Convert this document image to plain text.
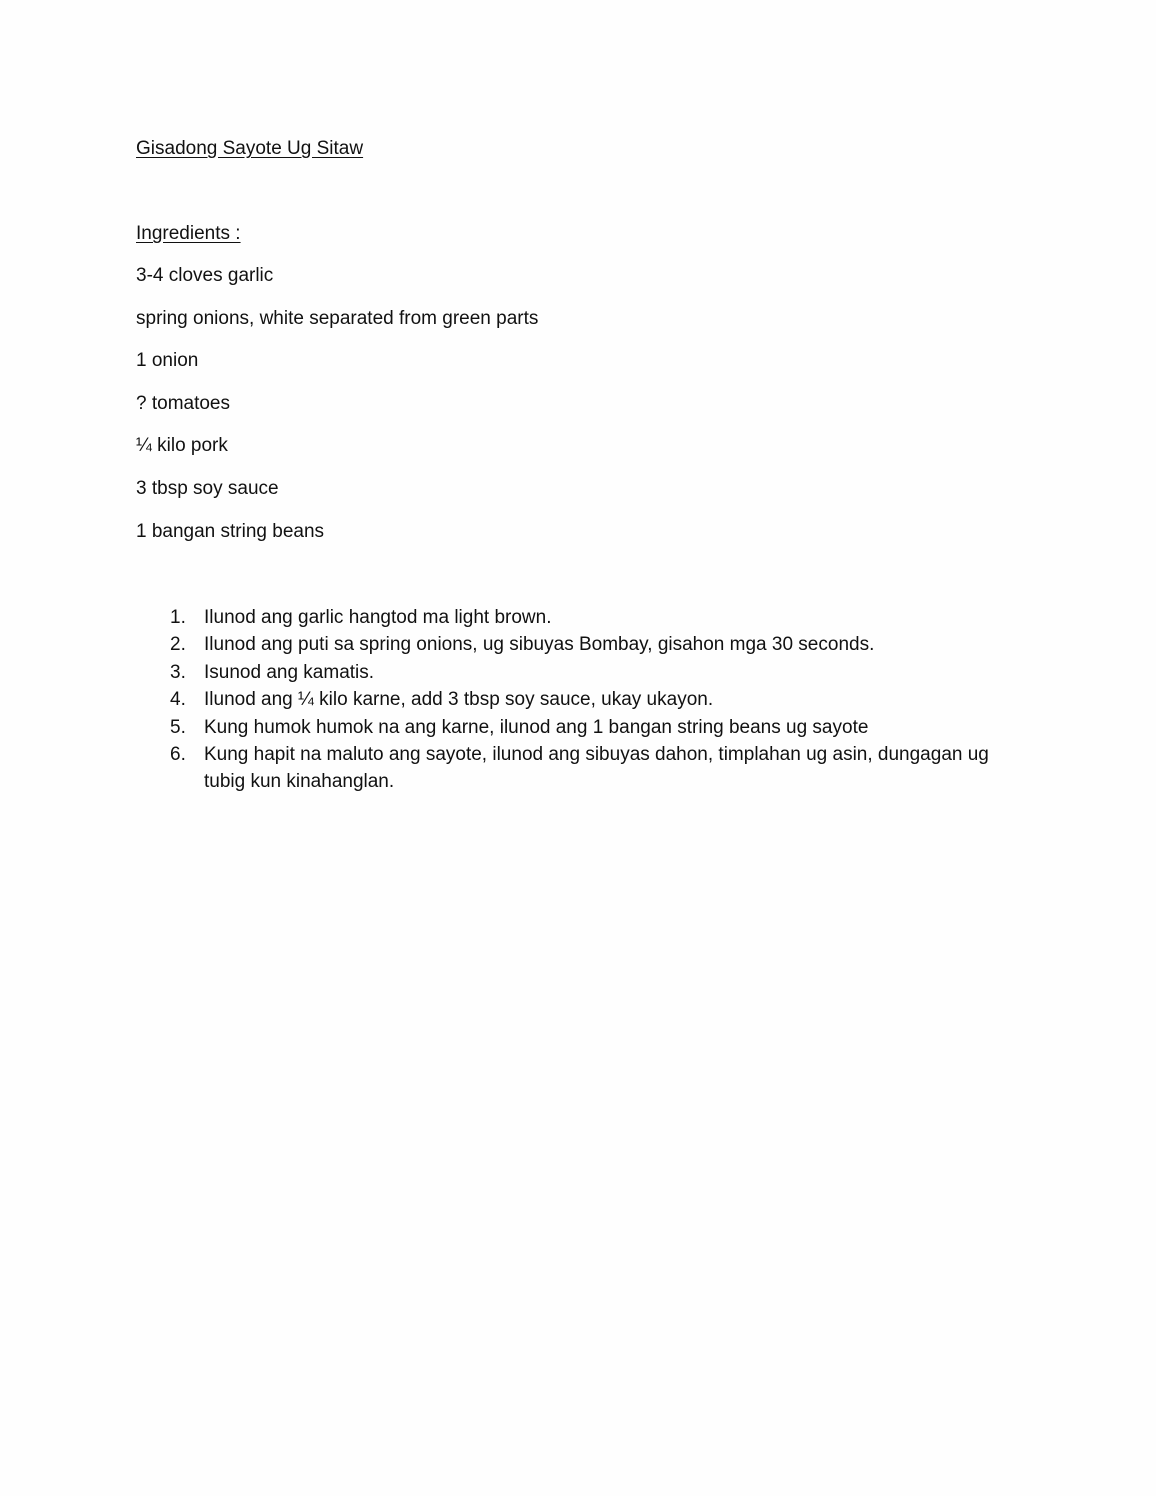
Gisadong Sayote Ug Sitaw
Ingredients :
3-4 cloves garlic
spring onions, white separated from green parts
1 onion
? tomatoes
¼ kilo pork
3 tbsp soy sauce
1 bangan string beans
1. Ilunod ang garlic hangtod ma light brown.
2. Ilunod ang puti sa spring onions, ug sibuyas Bombay, gisahon mga 30 seconds.
3. Isunod ang kamatis.
4. Ilunod ang ¼ kilo karne, add 3 tbsp soy sauce, ukay ukayon.
5. Kung humok humok na ang karne, ilunod ang 1 bangan string beans ug sayote
6. Kung hapit na maluto ang sayote, ilunod ang sibuyas dahon, timplahan ug asin, dungagan ug tubig kun kinahanglan.
